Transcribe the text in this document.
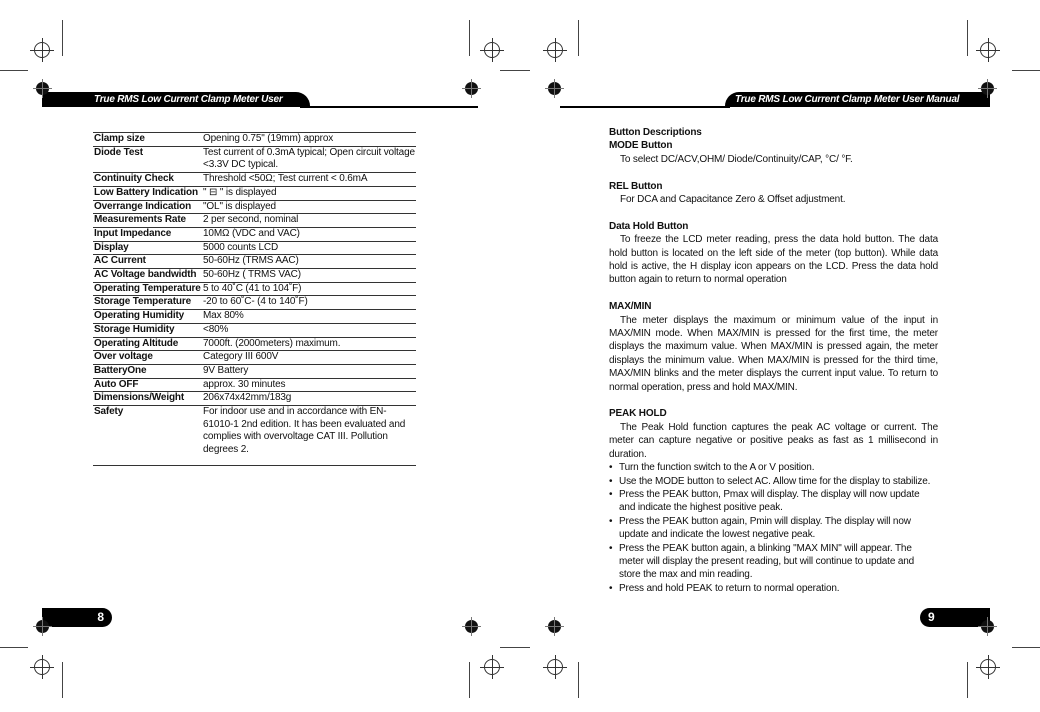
True RMS Low Current Clamp Meter User Manual
True RMS Low Current Clamp Meter User Manual
Clamp size	Opening 0.75" (19mm) approx
Diode Test	Test current of 0.3mA typical; Open circuit voltage <3.3V DC typical.
Continuity Check	Threshold <50Ω; Test current < 0.6mA
Low Battery Indication	" ⊟ " is displayed
Overrange Indication	"OL" is displayed
Measurements Rate	2 per second, nominal
Input Impedance	10MΩ (VDC and VAC)
Display	5000 counts LCD
AC Current	50-60Hz (TRMS AAC)
AC Voltage bandwidth	50-60Hz ( TRMS VAC)
Operating Temperature	5 to 40˚C (41 to 104˚F)
Storage Temperature	-20 to 60˚C- (4 to 140˚F)
Operating Humidity	Max 80%
Storage Humidity	<80%
Operating Altitude	7000ft. (2000meters) maximum.
Over voltage	Category III 600V
BatteryOne	9V Battery
Auto OFF	approx. 30 minutes
Dimensions/Weight	206x74x42mm/183g
Safety	For indoor use and in accordance with EN-61010-1 2nd edition. It has been evaluated and complies with overvoltage CAT III. Pollution degrees 2.
Button Descriptions
MODE Button

To select DC/ACV,OHM/ Diode/Continuity/CAP, °C/ °F.

REL Button

For DCA and Capacitance Zero & Offset adjustment.

Data Hold Button

To freeze the LCD meter reading, press the data hold button. The data hold button is located on the left side of the meter (top button). While data hold is active, the H display icon appears on the LCD. Press the data hold button again to return to normal operation

MAX/MIN

The meter displays the maximum or minimum value of the input in MAX/MIN mode. When MAX/MIN is pressed for the first time, the meter displays the maximum value. When MAX/MIN is pressed again, the meter displays the minimum value. When MAX/MIN is pressed for the third time, MAX/MIN blinks and the meter displays the current input value. To return to normal operation, press and hold MAX/MIN.

PEAK HOLD

The Peak Hold function captures the peak AC voltage or current. The meter can capture negative or positive peaks as fast as 1 millisecond in duration.

• Turn the function switch to the A or V position.
• Use the MODE button to select AC. Allow time for the display to stabilize.
• Press the PEAK button, Pmax will display. The display will now update and indicate the highest positive peak.
• Press the PEAK button again, Pmin will display. The display will now update and indicate the lowest negative peak.
• Press the PEAK button again, a blinking "MAX MIN" will appear. The meter will display the present reading, but will continue to update and store the max and min reading.
• Press and hold PEAK to return to normal operation.
8	9
